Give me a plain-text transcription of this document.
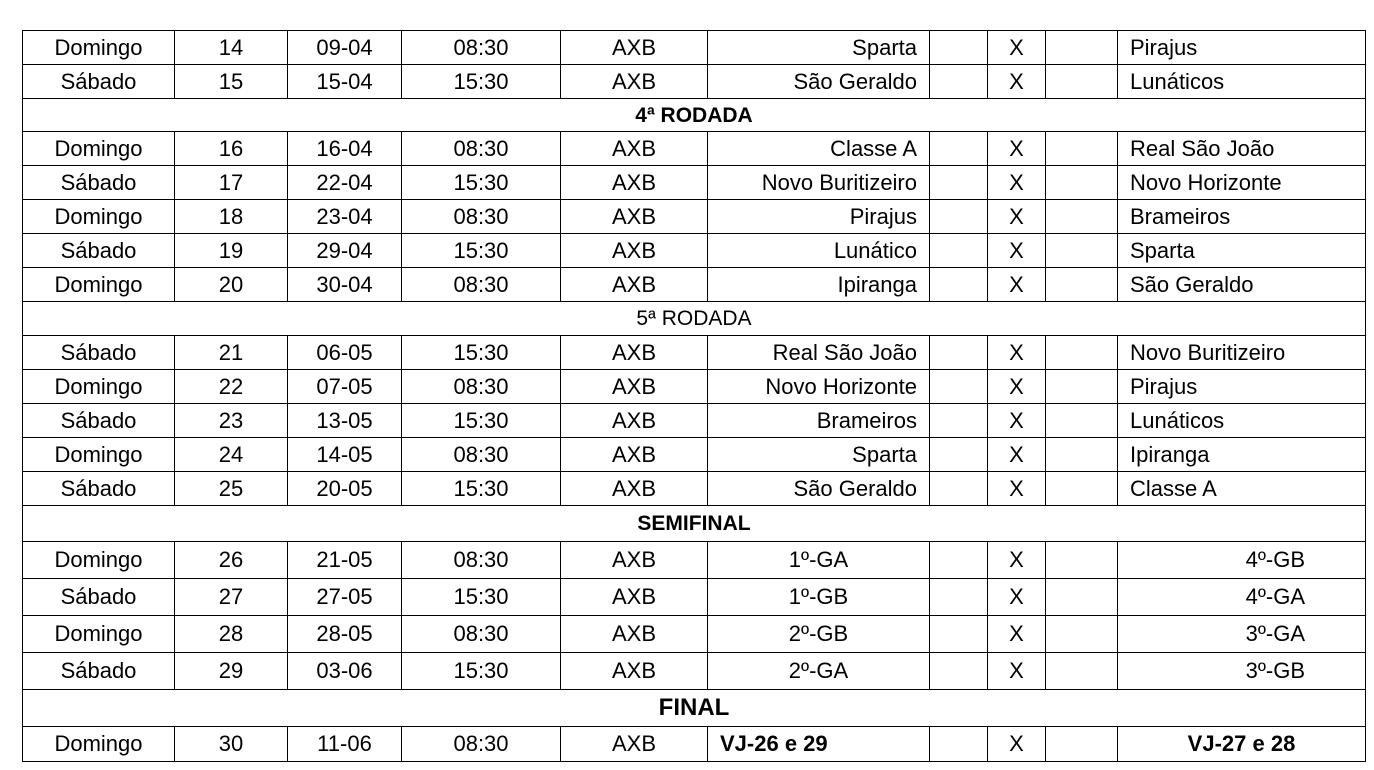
Domingo	14	09-04	08:30	AXB	Sparta		X		Pirajus
Sábado	15	15-04	15:30	AXB	São Geraldo		X		Lunáticos
4ª RODADA									
Domingo	16	16-04	08:30	AXB	Classe A		X		Real São João
Sábado	17	22-04	15:30	AXB	Novo Buritizeiro		X		Novo Horizonte
Domingo	18	23-04	08:30	AXB	Pirajus		X		Brameiros
Sábado	19	29-04	15:30	AXB	Lunático		X		Sparta
Domingo	20	30-04	08:30	AXB	Ipiranga		X		São Geraldo
5ª RODADA									
Sábado	21	06-05	15:30	AXB	Real São João		X		Novo Buritizeiro
Domingo	22	07-05	08:30	AXB	Novo Horizonte		X		Pirajus
Sábado	23	13-05	15:30	AXB	Brameiros		X		Lunáticos
Domingo	24	14-05	08:30	AXB	Sparta		X		Ipiranga
Sábado	25	20-05	15:30	AXB	São Geraldo		X		Classe A
SEMIFINAL									
Domingo	26	21-05	08:30	AXB	1º-GA		X		4º-GB
Sábado	27	27-05	15:30	AXB	1º-GB		X		4º-GA
Domingo	28	28-05	08:30	AXB	2º-GB		X		3º-GA
Sábado	29	03-06	15:30	AXB	2º-GA		X		3º-GB
FINAL									
Domingo	30	11-06	08:30	AXB	VJ-26 e 29		X		VJ-27 e 28
